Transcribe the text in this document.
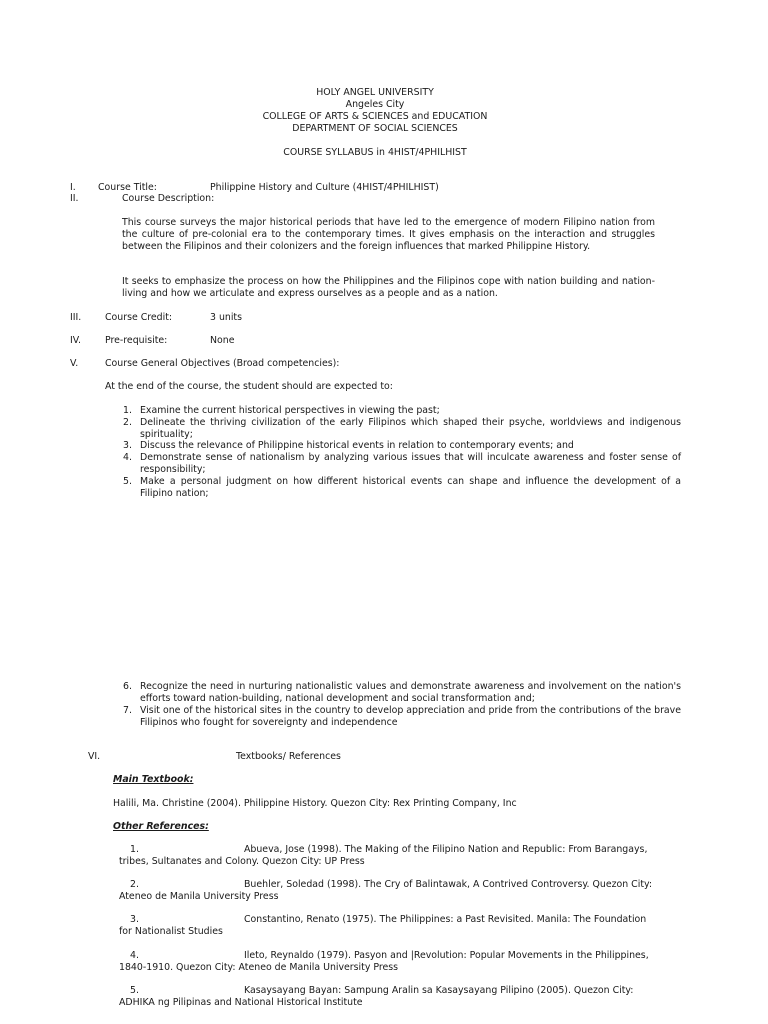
HOLY ANGEL UNIVERSITY
Angeles City
COLLEGE OF ARTS & SCIENCES and EDUCATION
DEPARTMENT OF SOCIAL SCIENCES
COURSE SYLLABUS in 4HIST/4PHILHIST
I. Course Title:	Philippine History and Culture (4HIST/4PHILHIST)
II.	Course Description:
This course surveys the major historical periods that have led to the emergence of modern Filipino nation from the culture of pre-colonial era to the contemporary times. It gives emphasis on the interaction and struggles between the Filipinos and their colonizers and the foreign influences that marked Philippine History.
It seeks to emphasize the process on how the Philippines and the Filipinos cope with nation building and nation-living and how we articulate and express ourselves as a people and as a nation.
III.	Course Credit:	3 units
IV.	Pre-requisite:	None
V.	Course General Objectives (Broad competencies):
At the end of the course, the student should are expected to:
1. Examine the current historical perspectives in viewing the past;
2. Delineate the thriving civilization of the early Filipinos which shaped their psyche, worldviews and indigenous spirituality;
3. Discuss the relevance of Philippine historical events in relation to contemporary events; and
4. Demonstrate sense of nationalism by analyzing various issues that will inculcate awareness and foster sense of responsibility;
5. Make a personal judgment on how different historical events can shape and influence the development of a Filipino nation;
6. Recognize the need in nurturing nationalistic values and demonstrate awareness and involvement on the nation's efforts toward nation-building, national development and social transformation and;
7. Visit one of the historical sites in the country to develop appreciation and pride from the contributions of the brave Filipinos who fought for sovereignty and independence
VI.	Textbooks/ References
Main Textbook:
Halili, Ma. Christine (2004). Philippine History. Quezon City: Rex Printing Company, Inc
Other References:
1.	Abueva, Jose (1998). The Making of the Filipino Nation and Republic: From Barangays,
tribes, Sultanates and Colony. Quezon City: UP Press
2.	Buehler, Soledad (1998). The Cry of Balintawak, A Contrived Controversy. Quezon City:
Ateneo de Manila University Press
3.	Constantino, Renato (1975). The Philippines: a Past Revisited. Manila: The Foundation
for Nationalist Studies
4.	Ileto, Reynaldo (1979). Pasyon and |Revolution: Popular Movements in the Philippines,
1840-1910. Quezon City: Ateneo de Manila University Press
5.	Kasaysayang Bayan: Sampung Aralin sa Kasaysayang Pilipino (2005). Quezon City:
ADHIKA ng Pilipinas and National Historical Institute
